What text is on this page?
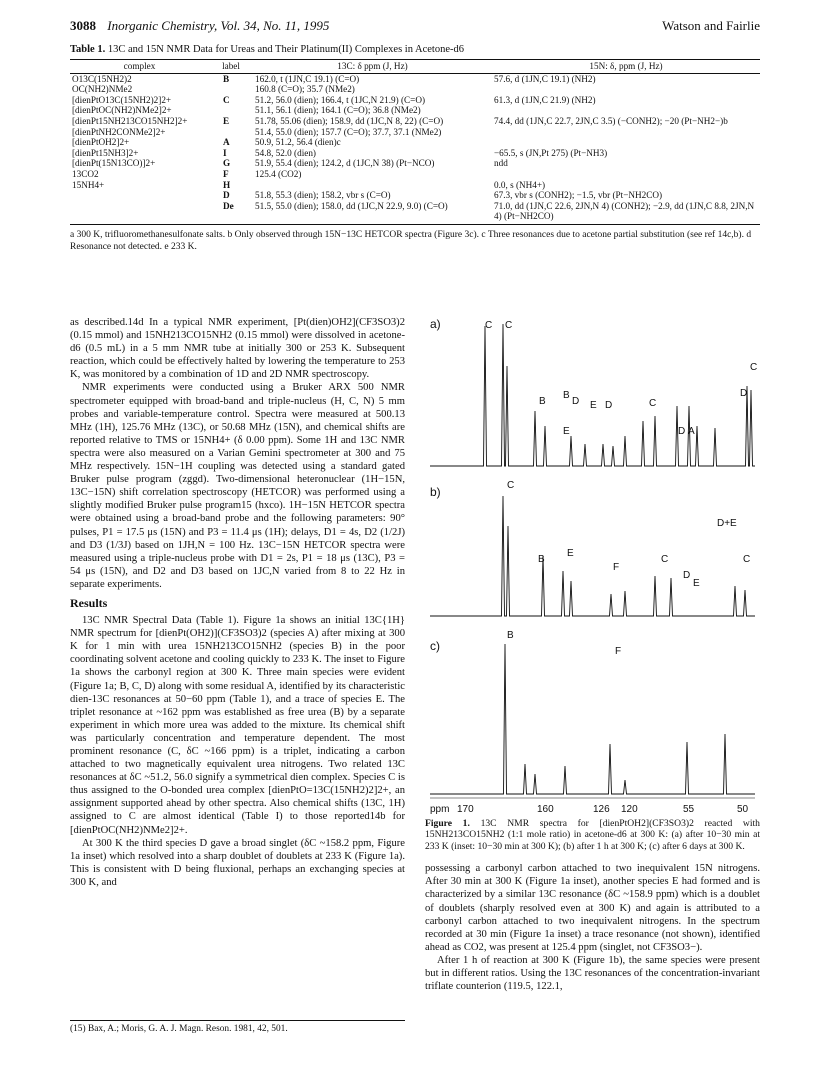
3088 Inorganic Chemistry, Vol. 34, No. 11, 1995	Watson and Fairlie
Table 1. 13C and 15N NMR Data for Ureas and Their Platinum(II) Complexes in Acetone-d6
complex	label	13C: δ ppm (J, Hz)	15N: δ, ppm (J, Hz)
O13C(15NH2)2	B	162.0, t (1JN,C 19.1) (C=O)	57.6, d (1JN,C 19.1) (NH2)
OC(NH2)NMe2		160.8 (C=O); 35.7 (NMe2)	
[dienPtO13C(15NH2)2]2+	C	51.2, 56.0 (dien); 166.4, t (1JC,N 21.9) (C=O)	61.3, d (1JN,C 21.9) (NH2)
[dienPtOC(NH2)NMe2]2+		51.1, 56.1 (dien); 164.1 (C=O); 36.8 (NMe2)	
[dienPt15NH213CO15NH2]2+	E	51.78, 55.06 (dien); 158.9, dd (1JC,N 8, 22) (C=O)	74.4, dd (1JN,C 22.7, 2JN,C 3.5) (−CONH2); −20 (Pt−NH2−)b
[dienPtNH2CONMe2]2+		51.4, 55.0 (dien); 157.7 (C=O); 37.7, 37.1 (NMe2)	
[dienPtOH2]2+	A	50.9, 51.2, 56.4 (dien)c	
[dienPt15NH3]2+	I	54.8, 52.0 (dien)	−65.5, s (JN,Pt 275) (Pt−NH3)
[dienPt(15N13CO)]2+	G	51.9, 55.4 (dien); 124.2, d (1JC,N 38) (Pt−NCO)	ndd
13CO2	F	125.4 (CO2)	
15NH4+	H		0.0, s (NH4+)
	D	51.8, 55.3 (dien); 158.2, vbr s (C=O)	67.3, vbr s (CONH2); −1.5, vbr (Pt−NH2CO)
	De	51.5, 55.0 (dien); 158.0, dd (1JC,N 22.9, 9.0) (C=O)	71.0, dd (1JN,C 22.6, 2JN,N 4) (CONH2); −2.9, dd (1JN,C 8.8, 2JN,N 4) (Pt−NH2CO)
a 300 K, trifluoromethanesulfonate salts. b Only observed through 15N−13C HETCOR spectra (Figure 3c). c Three resonances due to acetone partial substitution (see ref 14c,b). d Resonance not detected. e 233 K.

as described.14d In a typical NMR experiment, [Pt(dien)OH2](CF3SO3)2 (0.15 mmol) and 15NH213CO15NH2 (0.15 mmol) were dissolved in acetone-d6 (0.5 mL) in a 5 mm NMR tube at initially 300 or 253 K. Subsequent reaction, which could be effectively halted by lowering the temperature to 253 K, was monitored by a combination of 1D and 2D NMR spectroscopy.

NMR experiments were conducted using a Bruker ARX 500 NMR spectrometer equipped with broad-band and triple-nucleus (H, C, N) 5 mm probes and variable-temperature control. Spectra were measured at 500.13 MHz (1H), 125.76 MHz (13C), or 50.68 MHz (15N), and chemical shifts are reported relative to TMS or 15NH4+ (δ 0.00 ppm). Some 1H and 13C NMR spectra were also measured on a Varian Gemini spectrometer at 300 and 75 MHz respectively. 15N−1H coupling was detected using a standard gated Bruker pulse program (zggd). Two-dimensional heteronuclear (1H−15N, 13C−15N) shift correlation spectroscopy (HETCOR) was performed using a slightly modified Bruker pulse program15 (hxco). 1H−15N HETCOR spectra were obtained using a broad-band probe and the following parameters: 90° pulses, P1 = 17.5 μs (15N) and P3 = 11.4 μs (1H); delays, D1 = 4s, D2 (1/2J) and D3 (1/3J) based on 1JH,N = 100 Hz. 13C−15N HETCOR spectra were measured using a triple-nucleus probe with D1 = 2s, P1 = 18 μs (13C), P3 = 54 μs (15N), and D2 and D3 based on 1JC,N varied from 8 to 22 Hz in separate experiments.

Results

13C NMR Spectral Data (Table 1). Figure 1a shows an initial 13C{1H} NMR spectrum for [dienPt(OH2)](CF3SO3)2 (species A) after mixing at 300 K for 1 min with urea 15NH213CO15NH2 (species B) in the poor coordinating solvent acetone and cooling quickly to 233 K. The inset to Figure 1a shows the carbonyl region at 300 K. Three main species were evident (Figure 1a; B, C, D) along with some residual A, identified by its characteristic dien-13C resonances at 50−60 ppm (Table 1), and a trace of species E. The triplet resonance at ~162 ppm was established as free urea (B) by a separate experiment in which more urea was added to the mixture. Its chemical shift was particularly concentration and temperature dependent. The most prominent resonance (C, δC ~166 ppm) is a triplet, indicating a carbon attached to two magnetically equivalent urea nitrogens. Two related 13C resonances at δC ~51.2, 56.0 signify a symmetrical dien complex. Species C is thus assigned to the O-bonded urea complex [dienPtO=13C(15NH2)2]2+, an assignment supported ahead by other spectra. Also chemical shifts (13C, 1H) assigned to C are almost identical (Table I) to those reported14b for [dienPtOC(NH2)NMe2]2+.

At 300 K the third species D gave a broad singlet (δC ~158.2 ppm, Figure 1a inset) which resolved into a sharp doublet of doublets at 233 K (Figure 1a). This is consistent with D being fluxional, perhaps an exchanging species at 300 K, and

a)	C C
B
E D	C
C
D
B	D
E	D A
b)	C
D+E
B
E
F
C	C
D
E
c)
B
F
ppm 170	160	126 120	55	50
Figure 1. 13C NMR spectra for [dienPtOH2](CF3SO3)2 reacted with 15NH213CO15NH2 (1:1 mole ratio) in acetone-d6 at 300 K: (a) after 10−30 min at 233 K (inset: 10−30 min at 300 K); (b) after 1 h at 300 K; (c) after 6 days at 300 K.

possessing a carbonyl carbon attached to two inequivalent 15N nitrogens. After 30 min at 300 K (Figure 1a inset), another species E had formed and is characterized by a similar 13C resonance (δC ~158.9 ppm) which is a doublet of doublets (sharply resolved even at 300 K) and again is attributed to a carbonyl carbon attached to two inequivalent nitrogens. In the spectrum recorded at 30 min (Figure 1a inset) a trace resonance (not shown), identified ahead as CO2, was present at 125.4 ppm (singlet, not CF3SO3−).

After 1 h of reaction at 300 K (Figure 1b), the same species were present but in different ratios. Using the 13C resonances of the concentration-invariant triflate counterion (119.5, 122.1,

(15) Bax, A.; Moris, G. A. J. Magn. Reson. 1981, 42, 501.
